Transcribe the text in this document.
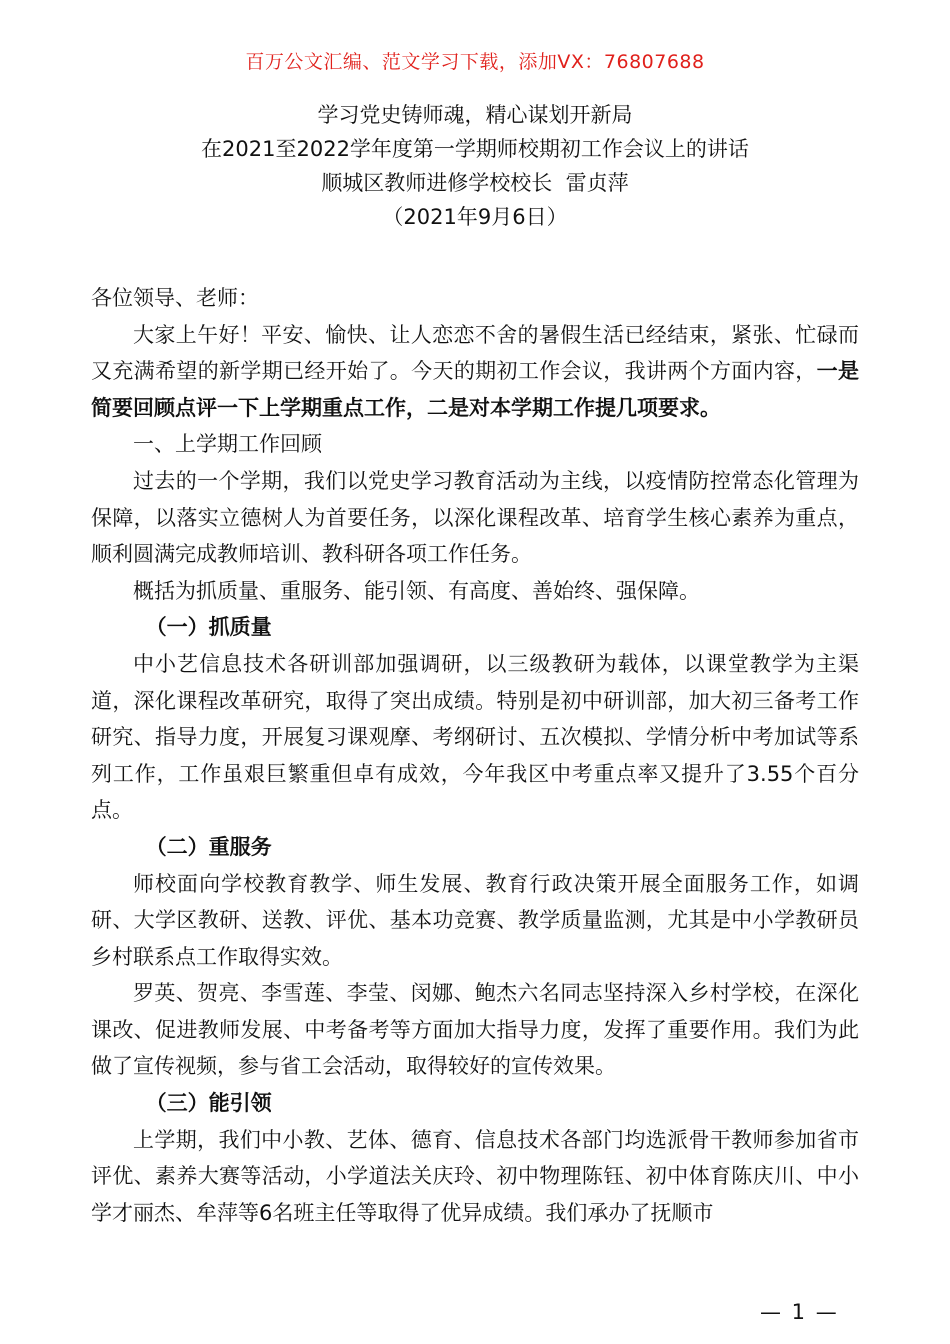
百万公文汇编、范文学习下载，添加VX：76807688
学习党史铸师魂，精心谋划开新局
在2021至2022学年度第一学期师校期初工作会议上的讲话
顺城区教师进修学校校长  雷贞萍
（2021年9月6日）

各位领导、老师：

大家上午好！平安、愉快、让人恋恋不舍的暑假生活已经结束，紧张、忙碌而又充满希望的新学期已经开始了。今天的期初工作会议，我讲两个方面内容，一是简要回顾点评一下上学期重点工作，二是对本学期工作提几项要求。

一、上学期工作回顾

过去的一个学期，我们以党史学习教育活动为主线，以疫情防控常态化管理为保障，以落实立德树人为首要任务，以深化课程改革、培育学生核心素养为重点，顺利圆满完成教师培训、教科研各项工作任务。

概括为抓质量、重服务、能引领、有高度、善始终、强保障。

（一）抓质量

中小艺信息技术各研训部加强调研，以三级教研为载体，以课堂教学为主渠道，深化课程改革研究，取得了突出成绩。特别是初中研训部，加大初三备考工作研究、指导力度，开展复习课观摩、考纲研讨、五次模拟、学情分析中考加试等系列工作，工作虽艰巨繁重但卓有成效，今年我区中考重点率又提升了3.55个百分点。

（二）重服务

师校面向学校教育教学、师生发展、教育行政决策开展全面服务工作，如调研、大学区教研、送教、评优、基本功竞赛、教学质量监测，尤其是中小学教研员乡村联系点工作取得实效。

罗英、贺亮、李雪莲、李莹、闵娜、鲍杰六名同志坚持深入乡村学校，在深化课改、促进教师发展、中考备考等方面加大指导力度，发挥了重要作用。我们为此做了宣传视频，参与省工会活动，取得较好的宣传效果。

（三）能引领

上学期，我们中小教、艺体、德育、信息技术各部门均选派骨干教师参加省市评优、素养大赛等活动，小学道法关庆玲、初中物理陈钰、初中体育陈庆川、中小学才丽杰、牟萍等6名班主任等取得了优异成绩。我们承办了抚顺市

— 1 —
